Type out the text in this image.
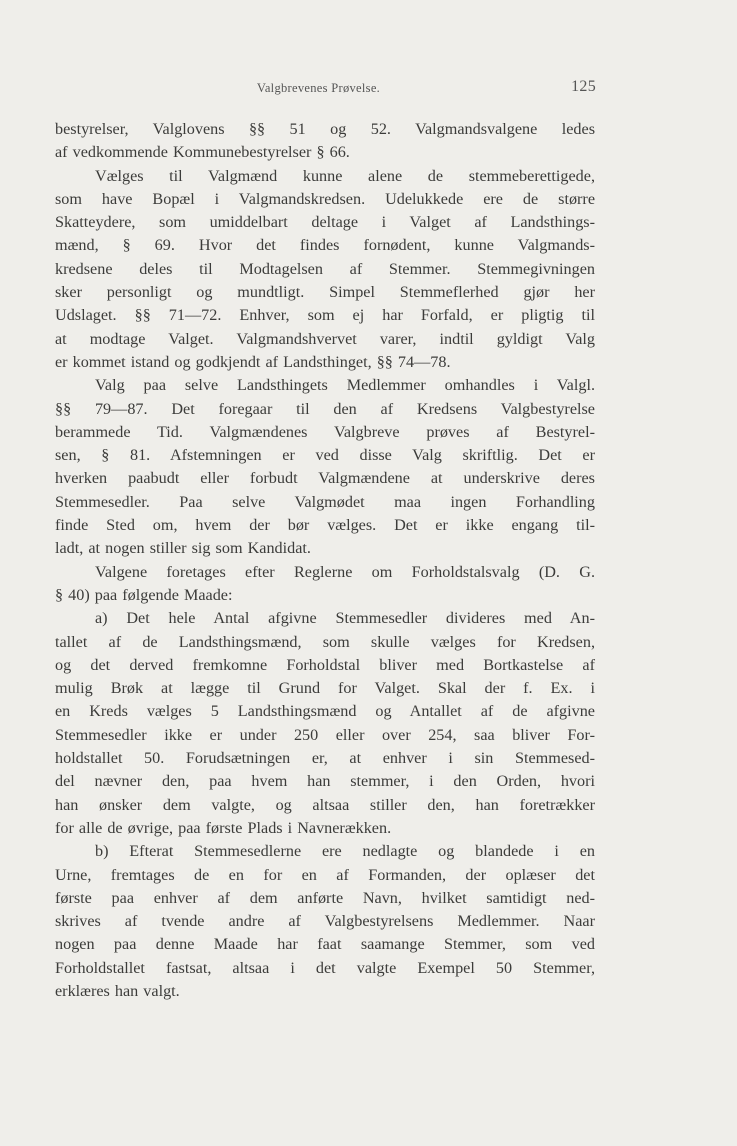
Valgbrevenes Prøvelse.	125
bestyrelser, Valglovens §§ 51 og 52. Valgmandsvalgene ledes
af vedkommende Kommunebestyrelser § 66.
Vælges til Valgmænd kunne alene de stemmeberettigede,
som have Bopæl i Valgmandskredsen. Udelukkede ere de større
Skatteydere, som umiddelbart deltage i Valget af Landsthings-
mænd, § 69. Hvor det findes fornødent, kunne Valgmands-
kredsene deles til Modtagelsen af Stemmer. Stemmegivningen
sker personligt og mundtligt. Simpel Stemmeflerhed gjør her
Udslaget. §§ 71—72. Enhver, som ej har Forfald, er pligtig til
at modtage Valget. Valgmandshvervet varer, indtil gyldigt Valg
er kommet istand og godkjendt af Landsthinget, §§ 74—78.
Valg paa selve Landsthingets Medlemmer omhandles i Valgl.
§§ 79—87. Det foregaar til den af Kredsens Valgbestyrelse
berammede Tid. Valgmændenes Valgbreve prøves af Bestyrel-
sen, § 81. Afstemningen er ved disse Valg skriftlig. Det er
hverken paabudt eller forbudt Valgmændene at underskrive deres
Stemmesedler. Paa selve Valgmødet maa ingen Forhandling
finde Sted om, hvem der bør vælges. Det er ikke engang til-
ladt, at nogen stiller sig som Kandidat.
Valgene foretages efter Reglerne om Forholdstalsvalg (D. G.
§ 40) paa følgende Maade:
a) Det hele Antal afgivne Stemmesedler divideres med An-
tallet af de Landsthingsmænd, som skulle vælges for Kredsen,
og det derved fremkomne Forholdstal bliver med Bortkastelse af
mulig Brøk at lægge til Grund for Valget. Skal der f. Ex. i
en Kreds vælges 5 Landsthingsmænd og Antallet af de afgivne
Stemmesedler ikke er under 250 eller over 254, saa bliver For-
holdstallet 50. Forudsætningen er, at enhver i sin Stemmesed-
del nævner den, paa hvem han stemmer, i den Orden, hvori
han ønsker dem valgte, og altsaa stiller den, han foretrækker
for alle de øvrige, paa første Plads i Navnerækken.
b) Efterat Stemmesedlerne ere nedlagte og blandede i en
Urne, fremtages de en for en af Formanden, der oplæser det
første paa enhver af dem anførte Navn, hvilket samtidigt ned-
skrives af tvende andre af Valgbestyrelsens Medlemmer. Naar
nogen paa denne Maade har faat saamange Stemmer, som ved
Forholdstallet fastsat, altsaa i det valgte Exempel 50 Stemmer,
erklæres han valgt.
